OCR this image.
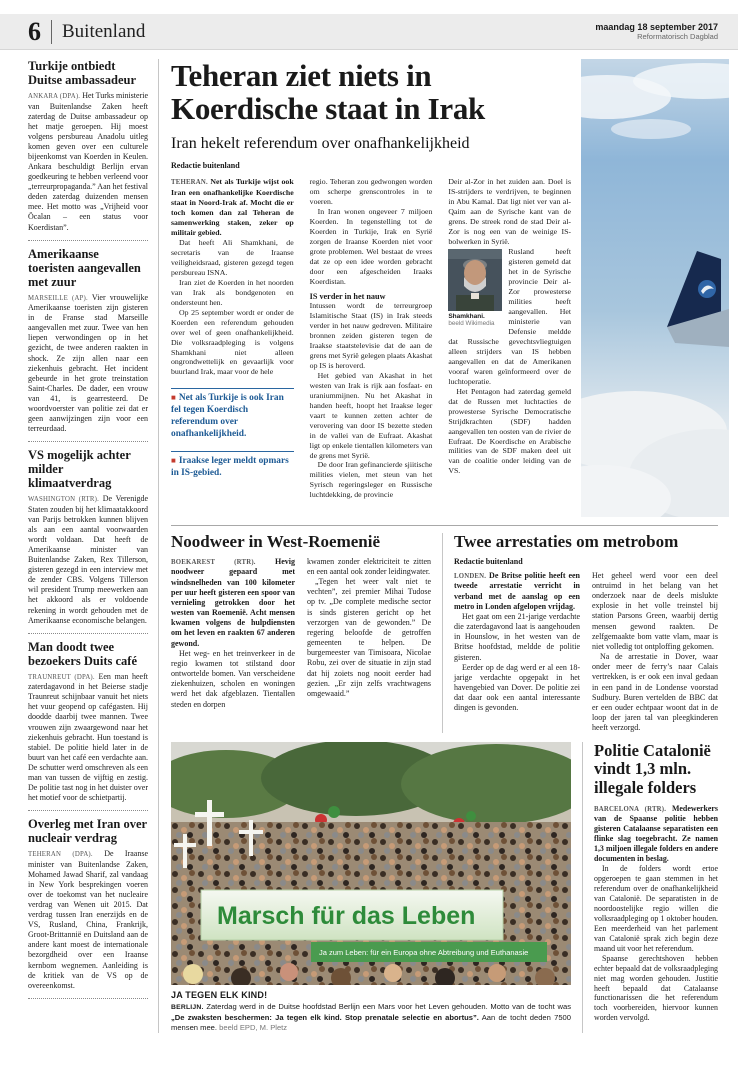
6 Buitenland	maandag 18 september 2017
Reformatorisch Dagblad
Turkije ontbiedt Duitse ambassadeur

ANKARA (DPA). Het Turks ministerie van Buitenlandse Zaken heeft zaterdag de Duitse ambassadeur op het matje geroepen. Hij moest volgens persbureau Anadolu uitleg komen geven over een culturele bijeenkomst van Koerden in Keulen. Ankara beschuldigt Berlijn ervan goedkeuring te hebben verleend voor „terreurpropaganda.” Aan het festival deden zaterdag duizenden mensen mee. Het motto was „Vrijheid voor Öcalan – een status voor Koerdistan”.

Amerikaanse toeristen aangevallen met zuur

MARSEILLE (AP). Vier vrouwelijke Amerikaanse toeristen zijn gisteren in de Franse stad Marseille aangevallen met zuur. Twee van hen liepen verwondingen op in het gezicht, de twee anderen raakten in shock. Ze zijn allen naar een ziekenhuis gebracht. Het incident gebeurde in het grote treinstation Saint-Charles. De dader, een vrouw van 41, is gearresteerd. De woordvoerster van politie zei dat er geen aanwijzingen zijn voor een terreurdaad.

VS mogelijk achter milder klimaatverdrag

WASHINGTON (RTR). De Verenigde Staten zouden bij het klimaatakkoord van Parijs betrokken kunnen blijven als aan een aantal voorwaarden wordt voldaan. Dat heeft de Amerikaanse minister van Buitenlandse Zaken, Rex Tillerson, gisteren gezegd in een interview met de zender CBS. Volgens Tillerson wil president Trump meewerken aan het akkoord als er voldoende rekening in wordt gehouden met de Amerikaanse economische belangen.

Man doodt twee bezoekers Duits café

TRAUNREUT (DPA). Een man heeft zaterdagavond in het Beierse stadje Traunreut schijnbaar vanuit het niets het vuur geopend op cafégasten. Hij doodde daarbij twee mannen. Twee vrouwen zijn zwaargewond naar het ziekenhuis gebracht. Hun toestand is stabiel. De politie hield later in de buurt van het café een verdachte aan. De schutter werd omschreven als een man van tussen de vijftig en zestig. De politie tast nog in het duister over het motief voor de schietpartij.

Overleg met Iran over nucleair verdrag

TEHERAN (DPA). De Iraanse minister van Buitenlandse Zaken, Mohamed Jawad Sharif, zal vandaag in New York besprekingen voeren over de toekomst van het nucleaire verdrag van Wenen uit 2015. Dat verdrag tussen Iran enerzijds en de VS, Rusland, China, Frankrijk, Groot-Brittannië en Duitsland aan de andere kant moest de internationale bezorgdheid over een Iraanse kernbom wegnemen. Aanleiding is de kritiek van de VS op de overeenkomst.

Teheran ziet niets in Koerdische staat in Irak
Iran hekelt referendum over onafhankelijkheid
Redactie buitenland

TEHERAN. Net als Turkije wijst ook Iran een onafhankelijke Koerdische staat in Noord-Irak af. Mocht die er toch komen dan zal Teheran de samenwerking staken, zeker op militair gebied.

Dat heeft Ali Shamkhani, de secretaris van de Iraanse veiligheidsraad, gisteren gezegd tegen persbureau ISNA.

Iran ziet de Koerden in het noorden van Irak als bondgenoten en ondersteunt hen.

Op 25 september wordt er onder de Koerden een referendum gehouden over wel of geen onafhankelijkheid. Die volksraadpleging is volgens Shamkhani niet alleen ongrondwettelijk en gevaarlijk voor buurland Irak, maar voor de hele

■ Net als Turkije is ook Iran fel tegen Koerdisch referendum over onafhankelijkheid.
■ Iraakse leger meldt opmars in IS-gebied.

regio. Teheran zou gedwongen worden om scherpe grenscontroles in te voeren.

In Iran wonen ongeveer 7 miljoen Koerden. In tegenstelling tot de Koerden in Turkije, Irak en Syrië zorgen de Iraanse Koerden niet voor grote problemen. Wel bestaat de vrees dat ze op een idee worden gebracht door een afgescheiden Iraaks Koerdistan.

IS verder in het nauw

Intussen wordt de terreurgroep Islamitische Staat (IS) in Irak steeds verder in het nauw gedreven. Militaire bronnen zeiden gisteren tegen de Iraakse staatstelevisie dat de aan de grens met Syrië gelegen plaats Akashat op IS is heroverd.

Het gebied van Akashat in het westen van Irak is rijk aan fosfaat- en uraniummijnen. Nu het Akashat in handen heeft, hoopt het Iraakse leger vaart te kunnen zetten achter de verovering van door IS bezette steden in de vallei van de Eufraat. Akashat ligt op enkele tientallen kilometers van de grens met Syrië.

De door Iran gefinancierde sjiitische milities vielen, met steun van het Syrisch regeringsleger en Russische luchtdekking, de provincie

Deir al-Zor in het zuiden aan. Doel is IS-strijders te verdrijven, te beginnen in Abu Kamal. Dat ligt niet ver van al-Qaim aan de Syrische kant van de grens. De streek rond de stad Deir al-Zor is nog een van de weinige IS-bolwerken in Syrië.

Shamkhani.
beeld Wikimedia

Rusland heeft gisteren gemeld dat het in de Syrische provincie Deir al-Zor prowesterse milities heeft aangevallen. Het ministerie van Defensie meldde dat Russische gevechtsvliegtuigen alleen strijders van IS hebben aangevallen en dat de Amerikanen vooraf waren geïnformeerd over de luchtoperatie.

Het Pentagon had zaterdag gemeld dat de Russen met luchtacties de prowesterse Syrische Democratische Strijdkrachten (SDF) hadden aangevallen ten oosten van de rivier de Eufraat. De Koerdische en Arabische milities van de SDF maken deel uit van de coalitie onder leiding van de VS.

Noodweer in West-Roemenië

BOEKAREST (RTR). Hevig noodweer gepaard met windsnelheden van 100 kilometer per uur heeft gisteren een spoor van vernieling getrokken door het westen van Roemenië. Acht mensen kwamen volgens de hulpdiensten om het leven en raakten 67 anderen gewond.

Het weg- en het treinverkeer in de regio kwamen tot stilstand door ontwortelde bomen. Van verscheidene ziekenhuizen, scholen en woningen werd het dak afgeblazen. Tientallen steden en dorpen

kwamen zonder elektriciteit te zitten en een aantal ook zonder leidingwater.

„Tegen het weer valt niet te vechten”, zei premier Mihai Tudose op tv. „De complete medische sector is sinds gisteren gericht op het verzorgen van de gewonden.” De regering beloofde de getroffen gemeenten te helpen. De burgemeester van Timisoara, Nicolae Robu, zei over de situatie in zijn stad dat hij zoiets nog nooit eerder had gezien. „Er zijn zelfs vrachtwagens omgewaaid.”

Twee arrestaties om metrobom
Redactie buitenland

LONDEN. De Britse politie heeft een tweede arrestatie verricht in verband met de aanslag op een metro in Londen afgelopen vrijdag.

Het gaat om een 21-jarige verdachte die zaterdagavond laat is aangehouden in Hounslow, in het westen van de Britse hoofdstad, meldde de politie gisteren.

Eerder op de dag werd er al een 18-jarige verdachte opgepakt in het havengebied van Dover. De politie zei dat daar ook een aantal interessante dingen is gevonden.

Het geheel werd voor een deel ontruimd in het belang van het onderzoek naar de deels mislukte explosie in het volle treinstel bij station Parsons Green, waarbij dertig mensen gewond raakten. De zelfgemaakte bom vatte vlam, maar is niet volledig tot ontploffing gekomen.

Na de arrestatie in Dover, waar onder meer de ferry’s naar Calais vertrekken, is er ook een inval gedaan in een pand in de Londense voorstad Sudbury. Buren vertelden de BBC dat er een ouder echtpaar woont dat in de loop der jaren tal van pleegkinderen heeft verzorgd.

Marsch für das Leben
Ja zum Leben: für ein Europa ohne Abtreibung und Euthanasie
JA TEGEN ELK KIND!

BERLIJN. Zaterdag werd in de Duitse hoofdstad Berlijn een Mars voor het Leven gehouden. Motto van de tocht was „De zwaksten beschermen: Ja tegen elk kind. Stop prenatale selectie en abortus”. Aan de tocht deden 7500 mensen mee. beeld EPD, M. Pletz

Politie Catalonië vindt 1,3 mln. illegale folders

BARCELONA (RTR). Medewerkers van de Spaanse politie hebben gisteren Catalaanse separatisten een flinke slag toegebracht. Ze namen 1,3 miljoen illegale folders en andere documenten in beslag.

In de folders wordt ertoe opgeroepen te gaan stemmen in het referendum over de onafhankelijkheid van Catalonië. De separatisten in de noordoostelijke regio willen die volksraadpleging op 1 oktober houden. Een meerderheid van het parlement van Catalonië sprak zich begin deze maand uit voor het referendum.

Spaanse gerechtshoven hebben echter bepaald dat de volksraadpleging niet mag worden gehouden. Justitie heeft bepaald dat Catalaanse functionarissen die het referendum toch voorbereiden, hiervoor kunnen worden vervolgd.
